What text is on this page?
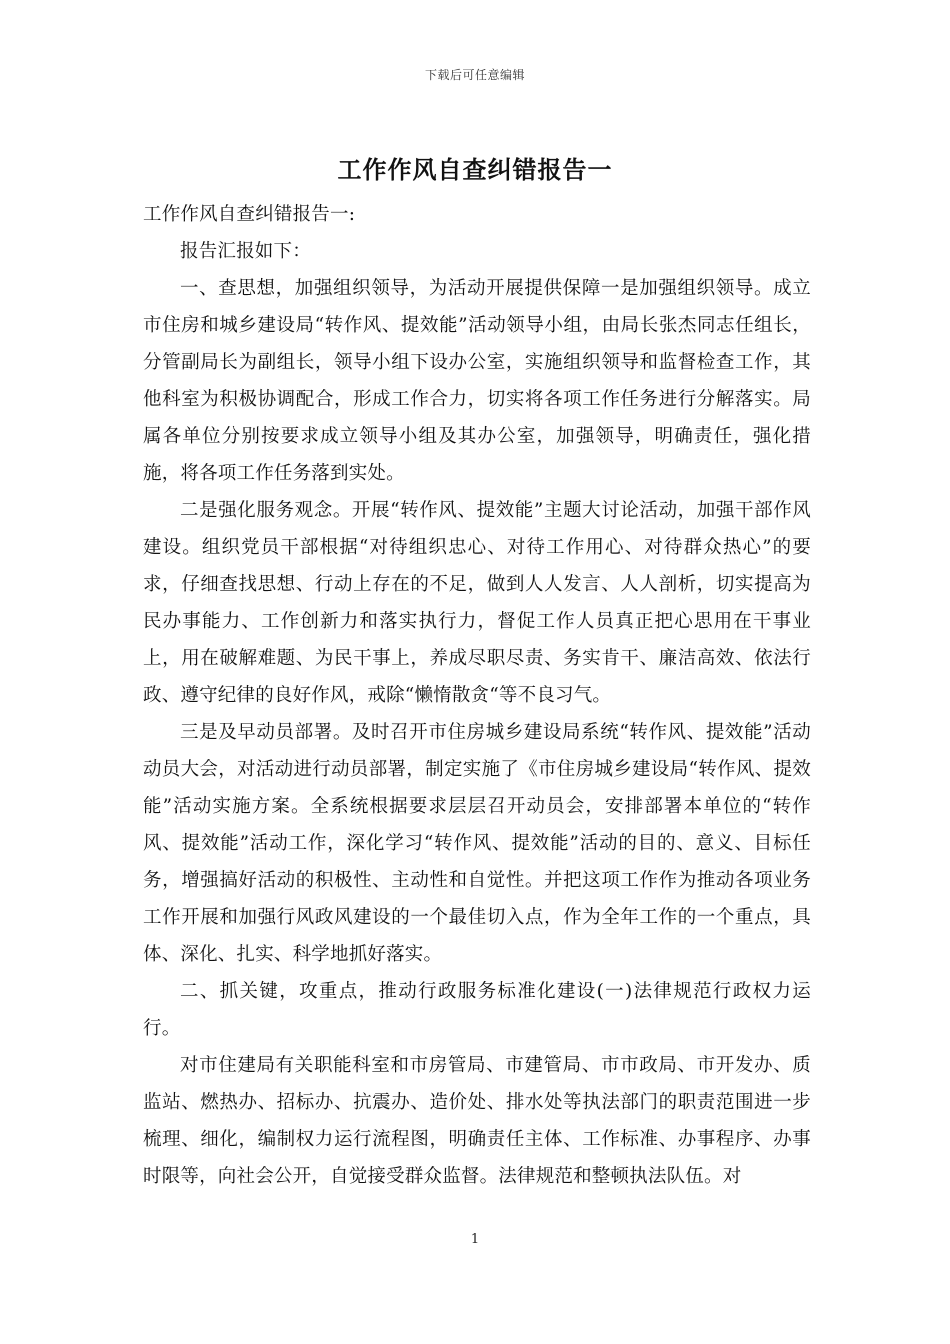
下载后可任意编辑
工作作风自查纠错报告一

工作作风自查纠错报告一:

报告汇报如下：

一、查思想，加强组织领导，为活动开展提供保障一是加强组织领导。成立市住房和城乡建设局“转作风、提效能”活动领导小组，由局长张杰同志任组长，分管副局长为副组长，领导小组下设办公室，实施组织领导和监督检查工作，其他科室为积极协调配合，形成工作合力，切实将各项工作任务进行分解落实。局属各单位分别按要求成立领导小组及其办公室，加强领导，明确责任，强化措施，将各项工作任务落到实处。

二是强化服务观念。开展“转作风、提效能”主题大讨论活动，加强干部作风建设。组织党员干部根据“对待组织忠心、对待工作用心、对待群众热心”的要求，仔细查找思想、行动上存在的不足，做到人人发言、人人剖析，切实提高为民办事能力、工作创新力和落实执行力，督促工作人员真正把心思用在干事业上，用在破解难题、为民干事上，养成尽职尽责、务实肯干、廉洁高效、依法行政、遵守纪律的良好作风，戒除“懒惰散贪“等不良习气。

三是及早动员部署。及时召开市住房城乡建设局系统“转作风、提效能”活动动员大会，对活动进行动员部署，制定实施了《市住房城乡建设局“转作风、提效能”活动实施方案。全系统根据要求层层召开动员会，安排部署本单位的“转作风、提效能”活动工作，深化学习“转作风、提效能”活动的目的、意义、目标任务，增强搞好活动的积极性、主动性和自觉性。并把这项工作作为推动各项业务工作开展和加强行风政风建设的一个最佳切入点，作为全年工作的一个重点，具体、深化、扎实、科学地抓好落实。

二、抓关键，攻重点，推动行政服务标准化建设(一)法律规范行政权力运行。

对市住建局有关职能科室和市房管局、市建管局、市市政局、市开发办、质监站、燃热办、招标办、抗震办、造价处、排水处等执法部门的职责范围进一步梳理、细化，编制权力运行流程图，明确责任主体、工作标准、办事程序、办事时限等，向社会公开，自觉接受群众监督。法律规范和整顿执法队伍。对

1
